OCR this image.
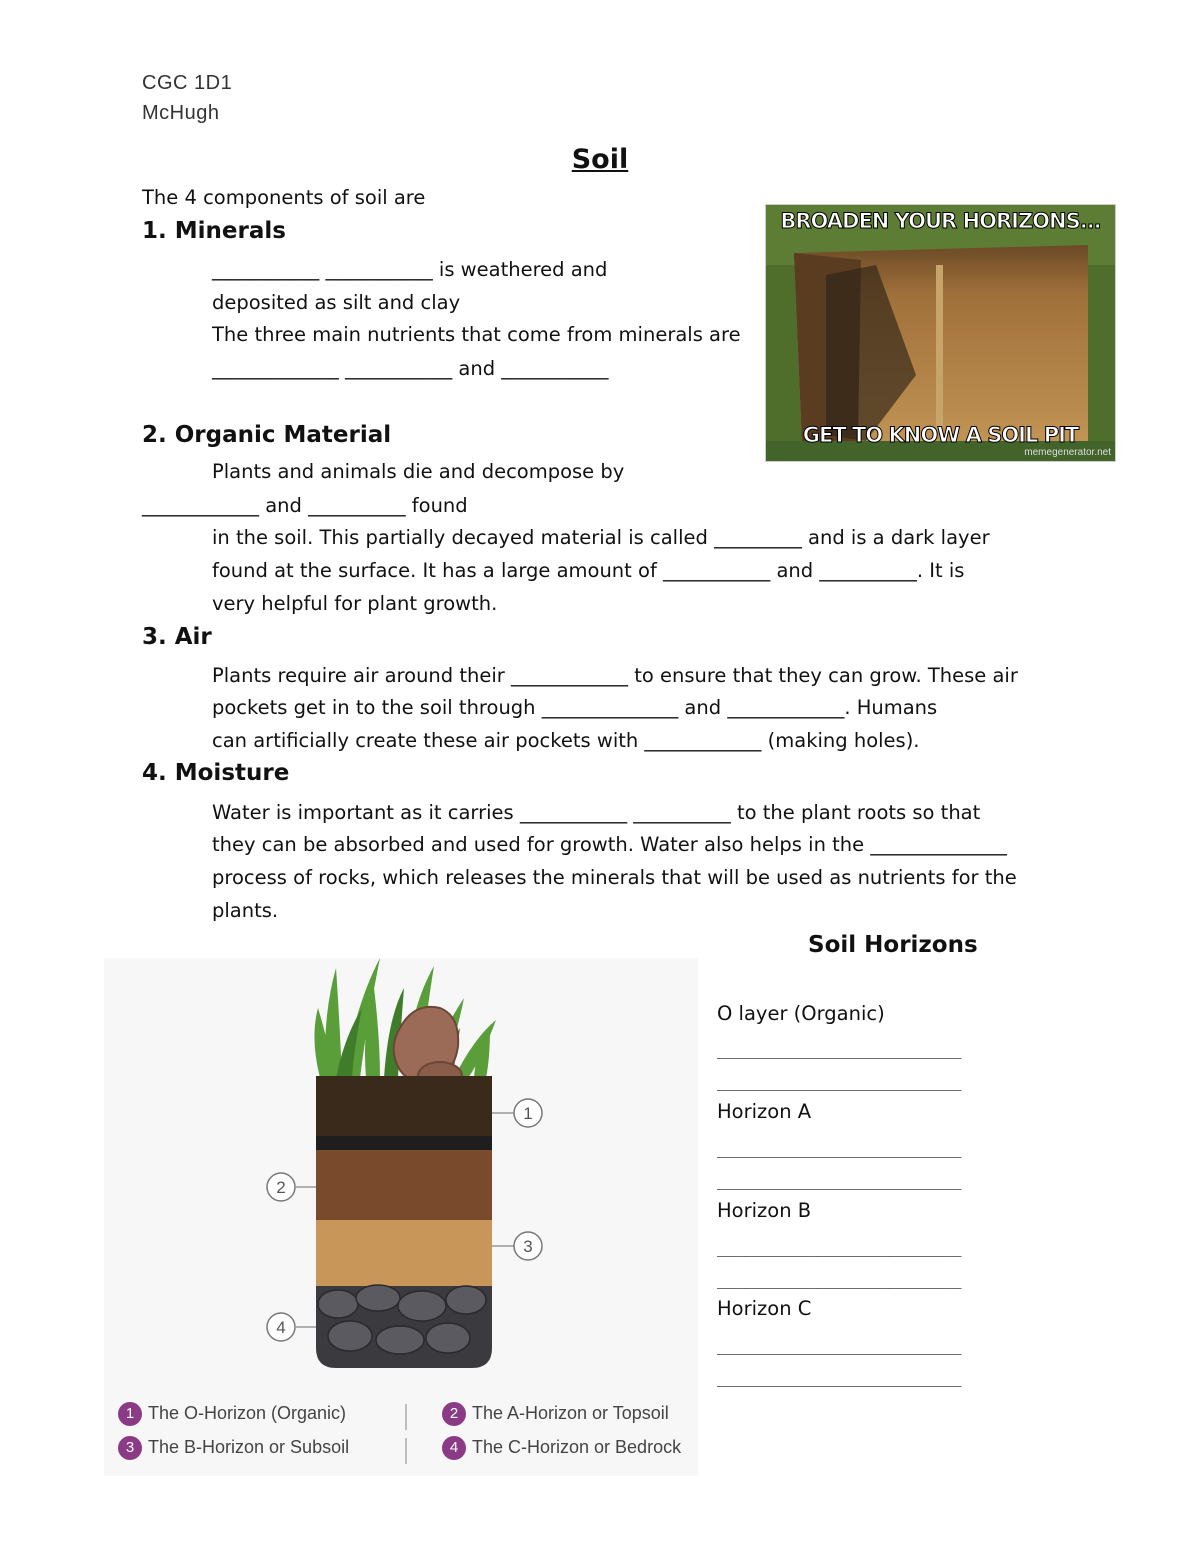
CGC 1D1
McHugh
Soil
The 4 components of soil are
1. Minerals
___________ ___________ is weathered and
deposited as silt and clay
The three main nutrients that come from minerals are
_____________ ___________ and ___________
BROADEN YOUR HORIZONS...
GET TO KNOW A SOIL PIT
memegenerator.net
2. Organic Material
Plants and animals die and decompose by
____________ and __________ found
in the soil. This partially decayed material is called _________ and is a dark layer
found at the surface. It has a large amount of ___________ and __________. It is
very helpful for plant growth.
3. Air
Plants require air around their ____________ to ensure that they can grow. These air
pockets get in to the soil through ______________ and ____________. Humans
can artificially create these air pockets with ____________ (making holes).
4. Moisture
Water is important as it carries ___________ __________ to the plant roots so that
they can be absorbed and used for growth. Water also helps in the ______________
process of rocks, which releases the minerals that will be used as nutrients for the
plants.
Soil Horizons
O layer (Organic)
___________________________
___________________________
Horizon A
___________________________
___________________________
Horizon B
___________________________
___________________________
Horizon C
___________________________
___________________________
1
2
3
4
1 The O-Horizon (Organic)	2 The A-Horizon or Topsoil
3 The B-Horizon or Subsoil	4 The C-Horizon or Bedrock
